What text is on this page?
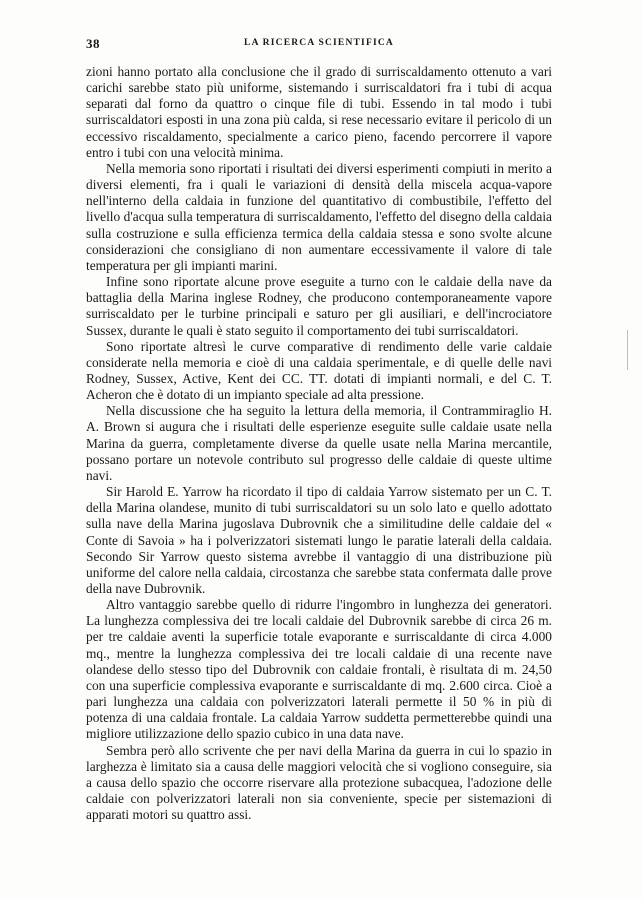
38	LA RICERCA SCIENTIFICA

zioni hanno portato alla conclusione che il grado di surriscaldamento ottenuto a vari carichi sarebbe stato più uniforme, sistemando i surriscaldatori fra i tubi di acqua separati dal forno da quattro o cinque file di tubi. Essendo in tal modo i tubi surriscaldatori esposti in una zona più calda, si rese necessario evitare il pericolo di un eccessivo riscaldamento, specialmente a carico pieno, facendo percorrere il vapore entro i tubi con una velocità minima.

Nella memoria sono riportati i risultati dei diversi esperimenti compiuti in merito a diversi elementi, fra i quali le variazioni di densità della miscela acqua-vapore nell'interno della caldaia in funzione del quantitativo di combustibile, l'effetto del livello d'acqua sulla temperatura di surriscaldamento, l'effetto del disegno della caldaia sulla costruzione e sulla efficienza termica della caldaia stessa e sono svolte alcune considerazioni che consigliano di non aumentare eccessivamente il valore di tale temperatura per gli impianti marini.

Infine sono riportate alcune prove eseguite a turno con le caldaie della nave da battaglia della Marina inglese Rodney, che producono contemporaneamente vapore surriscaldato per le turbine principali e saturo per gli ausiliari, e dell'incrociatore Sussex, durante le quali è stato seguito il comportamento dei tubi surriscaldatori.

Sono riportate altresì le curve comparative di rendimento delle varie caldaie considerate nella memoria e cioè di una caldaia sperimentale, e di quelle delle navi Rodney, Sussex, Active, Kent dei CC. TT. dotati di impianti normali, e del C. T. Acheron che è dotato di un impianto speciale ad alta pressione.

Nella discussione che ha seguito la lettura della memoria, il Contrammiraglio H. A. Brown si augura che i risultati delle esperienze eseguite sulle caldaie usate nella Marina da guerra, completamente diverse da quelle usate nella Marina mercantile, possano portare un notevole contributo sul progresso delle caldaie di queste ultime navi.

Sir Harold E. Yarrow ha ricordato il tipo di caldaia Yarrow sistemato per un C. T. della Marina olandese, munito di tubi surriscaldatori su un solo lato e quello adottato sulla nave della Marina jugoslava Dubrovnik che a similitudine delle caldaie del « Conte di Savoia » ha i polverizzatori sistemati lungo le paratie laterali della caldaia. Secondo Sir Yarrow questo sistema avrebbe il vantaggio di una distribuzione più uniforme del calore nella caldaia, circostanza che sarebbe stata confermata dalle prove della nave Dubrovnik.

Altro vantaggio sarebbe quello di ridurre l'ingombro in lunghezza dei generatori. La lunghezza complessiva dei tre locali caldaie del Dubrovnik sarebbe di circa 26 m. per tre caldaie aventi la superficie totale evaporante e surriscaldante di circa 4.000 mq., mentre la lunghezza complessiva dei tre locali caldaie di una recente nave olandese dello stesso tipo del Dubrovnik con caldaie frontali, è risultata di m. 24,50 con una superficie complessiva evaporante e surriscaldante di mq. 2.600 circa. Cioè a pari lunghezza una caldaia con polverizzatori laterali permette il 50 % in più di potenza di una caldaia frontale. La caldaia Yarrow suddetta permetterebbe quindi una migliore utilizzazione dello spazio cubico in una data nave.

Sembra però allo scrivente che per navi della Marina da guerra in cui lo spazio in larghezza è limitato sia a causa delle maggiori velocità che si vogliono conseguire, sia a causa dello spazio che occorre riservare alla protezione subacquea, l'adozione delle caldaie con polverizzatori laterali non sia conveniente, specie per sistemazioni di apparati motori su quattro assi.
